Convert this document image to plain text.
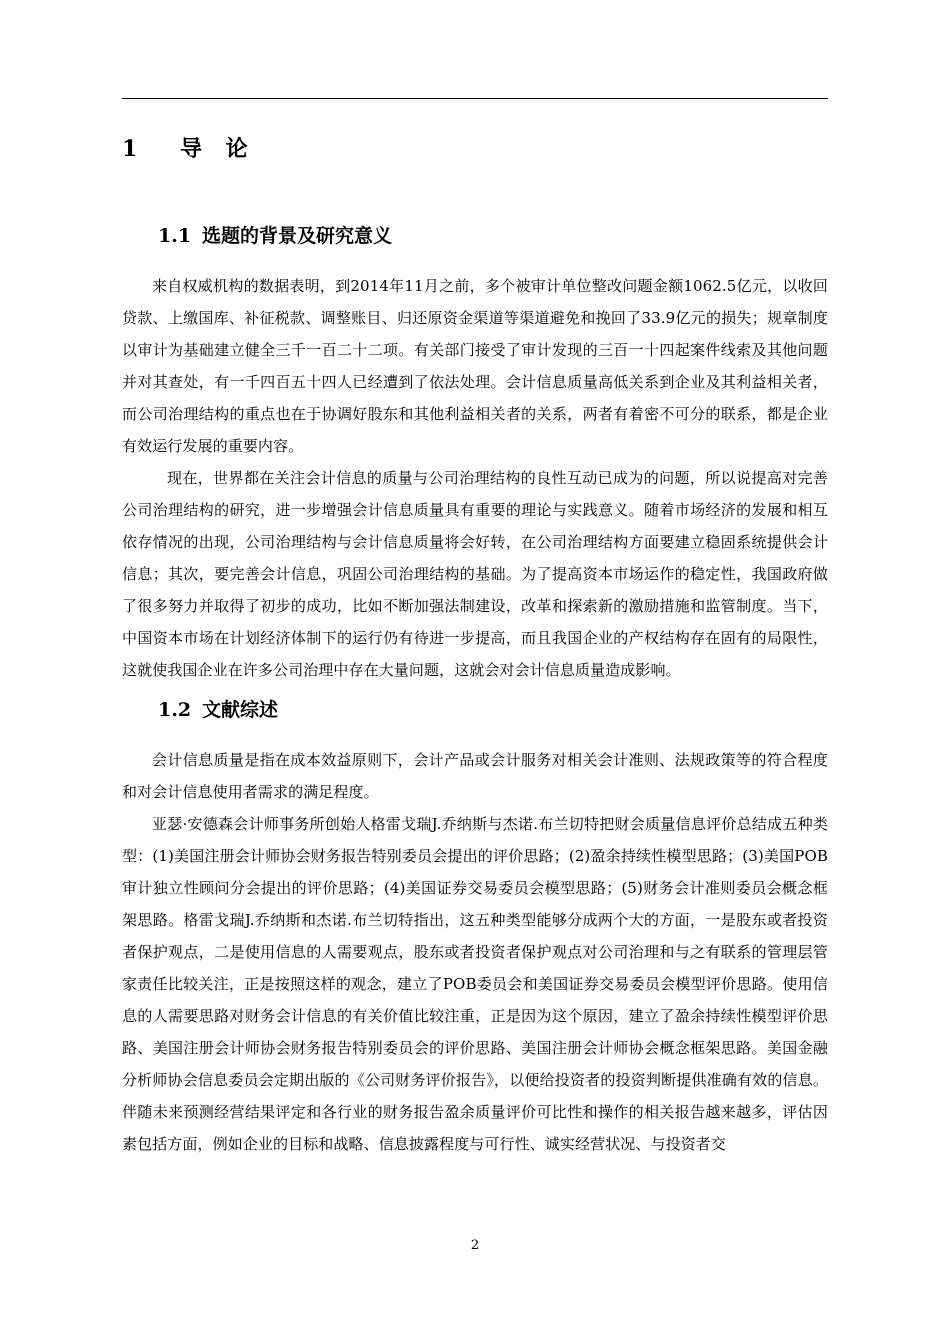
1	导 论
1.1 选题的背景及研究意义

来自权威机构的数据表明，到2014年11月之前，多个被审计单位整改问题金额1062.5亿元，以收回贷款、上缴国库、补征税款、调整账目、归还原资金渠道等渠道避免和挽回了33.9亿元的损失；规章制度以审计为基础建立健全三千一百二十二项。有关部门接受了审计发现的三百一十四起案件线索及其他问题并对其查处，有一千四百五十四人已经遭到了依法处理。会计信息质量高低关系到企业及其利益相关者，而公司治理结构的重点也在于协调好股东和其他利益相关者的关系，两者有着密不可分的联系，都是企业有效运行发展的重要内容。

现在，世界都在关注会计信息的质量与公司治理结构的良性互动已成为的问题，所以说提高对完善公司治理结构的研究，进一步增强会计信息质量具有重要的理论与实践意义。随着市场经济的发展和相互依存情况的出现，公司治理结构与会计信息质量将会好转，在公司治理结构方面要建立稳固系统提供会计信息；其次，要完善会计信息，巩固公司治理结构的基础。为了提高资本市场运作的稳定性，我国政府做了很多努力并取得了初步的成功，比如不断加强法制建设，改革和探索新的激励措施和监管制度。当下，中国资本市场在计划经济体制下的运行仍有待进一步提高，而且我国企业的产权结构存在固有的局限性，这就使我国企业在许多公司治理中存在大量问题，这就会对会计信息质量造成影响。

1.2 文献综述

会计信息质量是指在成本效益原则下，会计产品或会计服务对相关会计准则、法规政策等的符合程度和对会计信息使用者需求的满足程度。

亚瑟·安德森会计师事务所创始人格雷戈瑞J.乔纳斯与杰诺.布兰切特把财会质量信息评价总结成五种类型：(1)美国注册会计师协会财务报告特别委员会提出的评价思路；(2)盈余持续性模型思路；(3)美国POB审计独立性顾问分会提出的评价思路；(4)美国证券交易委员会模型思路；(5)财务会计准则委员会概念框架思路。格雷戈瑞J.乔纳斯和杰诺.布兰切特指出，这五种类型能够分成两个大的方面，一是股东或者投资者保护观点，二是使用信息的人需要观点，股东或者投资者保护观点对公司治理和与之有联系的管理层管家责任比较关注，正是按照这样的观念，建立了POB委员会和美国证券交易委员会模型评价思路。使用信息的人需要思路对财务会计信息的有关价值比较注重，正是因为这个原因，建立了盈余持续性模型评价思路、美国注册会计师协会财务报告特别委员会的评价思路、美国注册会计师协会概念框架思路。美国金融分析师协会信息委员会定期出版的《公司财务评价报告》，以便给投资者的投资判断提供准确有效的信息。伴随未来预测经营结果评定和各行业的财务报告盈余质量评价可比性和操作的相关报告越来越多，评估因素包括方面，例如企业的目标和战略、信息披露程度与可行性、诚实经营状况、与投资者交

2
